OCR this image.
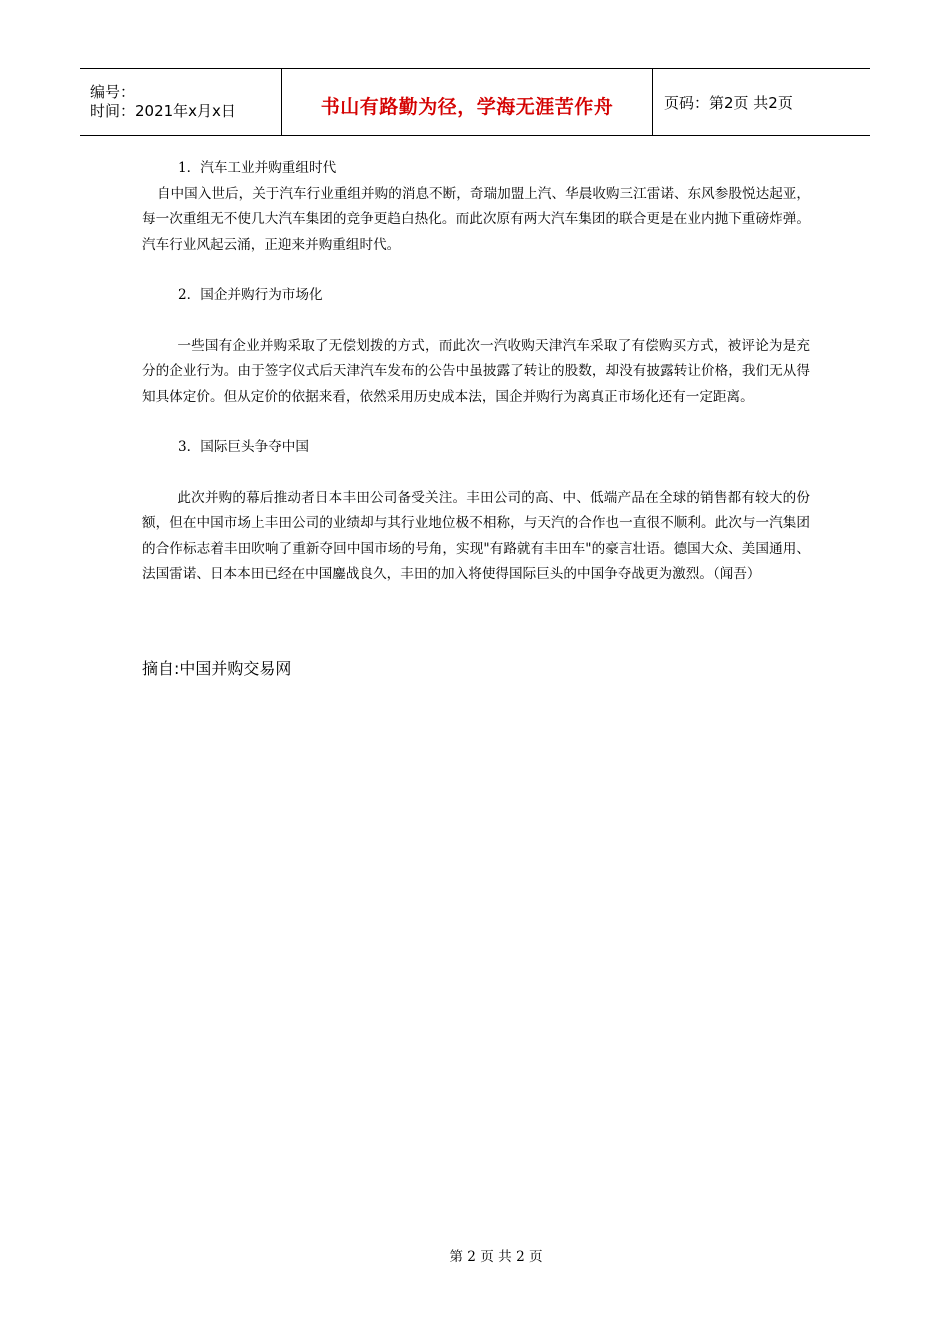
编号：
时间：2021年x月x日	书山有路勤为径，学海无涯苦作舟	页码：第2页 共2页

1．汽车工业并购重组时代

自中国入世后，关于汽车行业重组并购的消息不断，奇瑞加盟上汽、华晨收购三江雷诺、东风参股悦达起亚，每一次重组无不使几大汽车集团的竞争更趋白热化。而此次原有两大汽车集团的联合更是在业内抛下重磅炸弹。汽车行业风起云涌，正迎来并购重组时代。

2．国企并购行为市场化

一些国有企业并购采取了无偿划拨的方式，而此次一汽收购天津汽车采取了有偿购买方式，被评论为是充分的企业行为。由于签字仪式后天津汽车发布的公告中虽披露了转让的股数，却没有披露转让价格，我们无从得知具体定价。但从定价的依据来看，依然采用历史成本法，国企并购行为离真正市场化还有一定距离。

3．国际巨头争夺中国

此次并购的幕后推动者日本丰田公司备受关注。丰田公司的高、中、低端产品在全球的销售都有较大的份额，但在中国市场上丰田公司的业绩却与其行业地位极不相称，与天汽的合作也一直很不顺利。此次与一汽集团的合作标志着丰田吹响了重新夺回中国市场的号角，实现"有路就有丰田车"的豪言壮语。德国大众、美国通用、法国雷诺、日本本田已经在中国鏖战良久，丰田的加入将使得国际巨头的中国争夺战更为激烈。（闻吾）

摘自:中国并购交易网
第 2 页 共 2 页
